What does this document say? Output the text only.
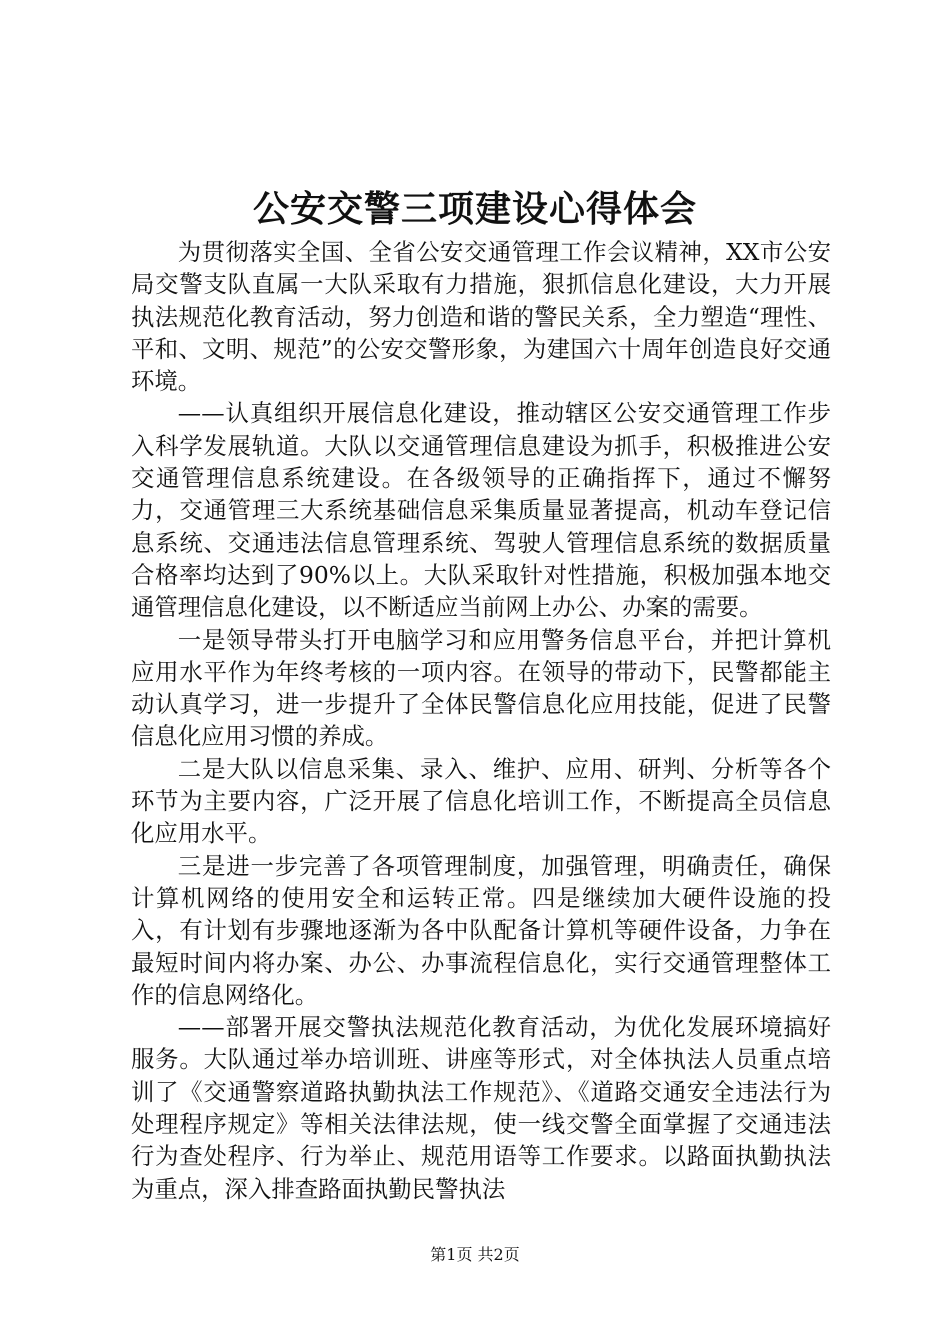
公安交警三项建设心得体会

为贯彻落实全国、全省公安交通管理工作会议精神，XX市公安局交警支队直属一大队采取有力措施，狠抓信息化建设，大力开展执法规范化教育活动，努力创造和谐的警民关系，全力塑造“理性、平和、文明、规范”的公安交警形象，为建国六十周年创造良好交通环境。

——认真组织开展信息化建设，推动辖区公安交通管理工作步入科学发展轨道。大队以交通管理信息建设为抓手，积极推进公安交通管理信息系统建设。在各级领导的正确指挥下，通过不懈努力，交通管理三大系统基础信息采集质量显著提高，机动车登记信息系统、交通违法信息管理系统、驾驶人管理信息系统的数据质量合格率均达到了90%以上。大队采取针对性措施，积极加强本地交通管理信息化建设，以不断适应当前网上办公、办案的需要。

一是领导带头打开电脑学习和应用警务信息平台，并把计算机应用水平作为年终考核的一项内容。在领导的带动下，民警都能主动认真学习，进一步提升了全体民警信息化应用技能，促进了民警信息化应用习惯的养成。

二是大队以信息采集、录入、维护、应用、研判、分析等各个环节为主要内容，广泛开展了信息化培训工作，不断提高全员信息化应用水平。

三是进一步完善了各项管理制度，加强管理，明确责任，确保计算机网络的使用安全和运转正常。四是继续加大硬件设施的投入，有计划有步骤地逐渐为各中队配备计算机等硬件设备，力争在最短时间内将办案、办公、办事流程信息化，实行交通管理整体工作的信息网络化。

——部署开展交警执法规范化教育活动，为优化发展环境搞好服务。大队通过举办培训班、讲座等形式，对全体执法人员重点培训了《交通警察道路执勤执法工作规范》、《道路交通安全违法行为处理程序规定》等相关法律法规，使一线交警全面掌握了交通违法行为查处程序、行为举止、规范用语等工作要求。以路面执勤执法为重点，深入排查路面执勤民警执法

第1页 共2页
